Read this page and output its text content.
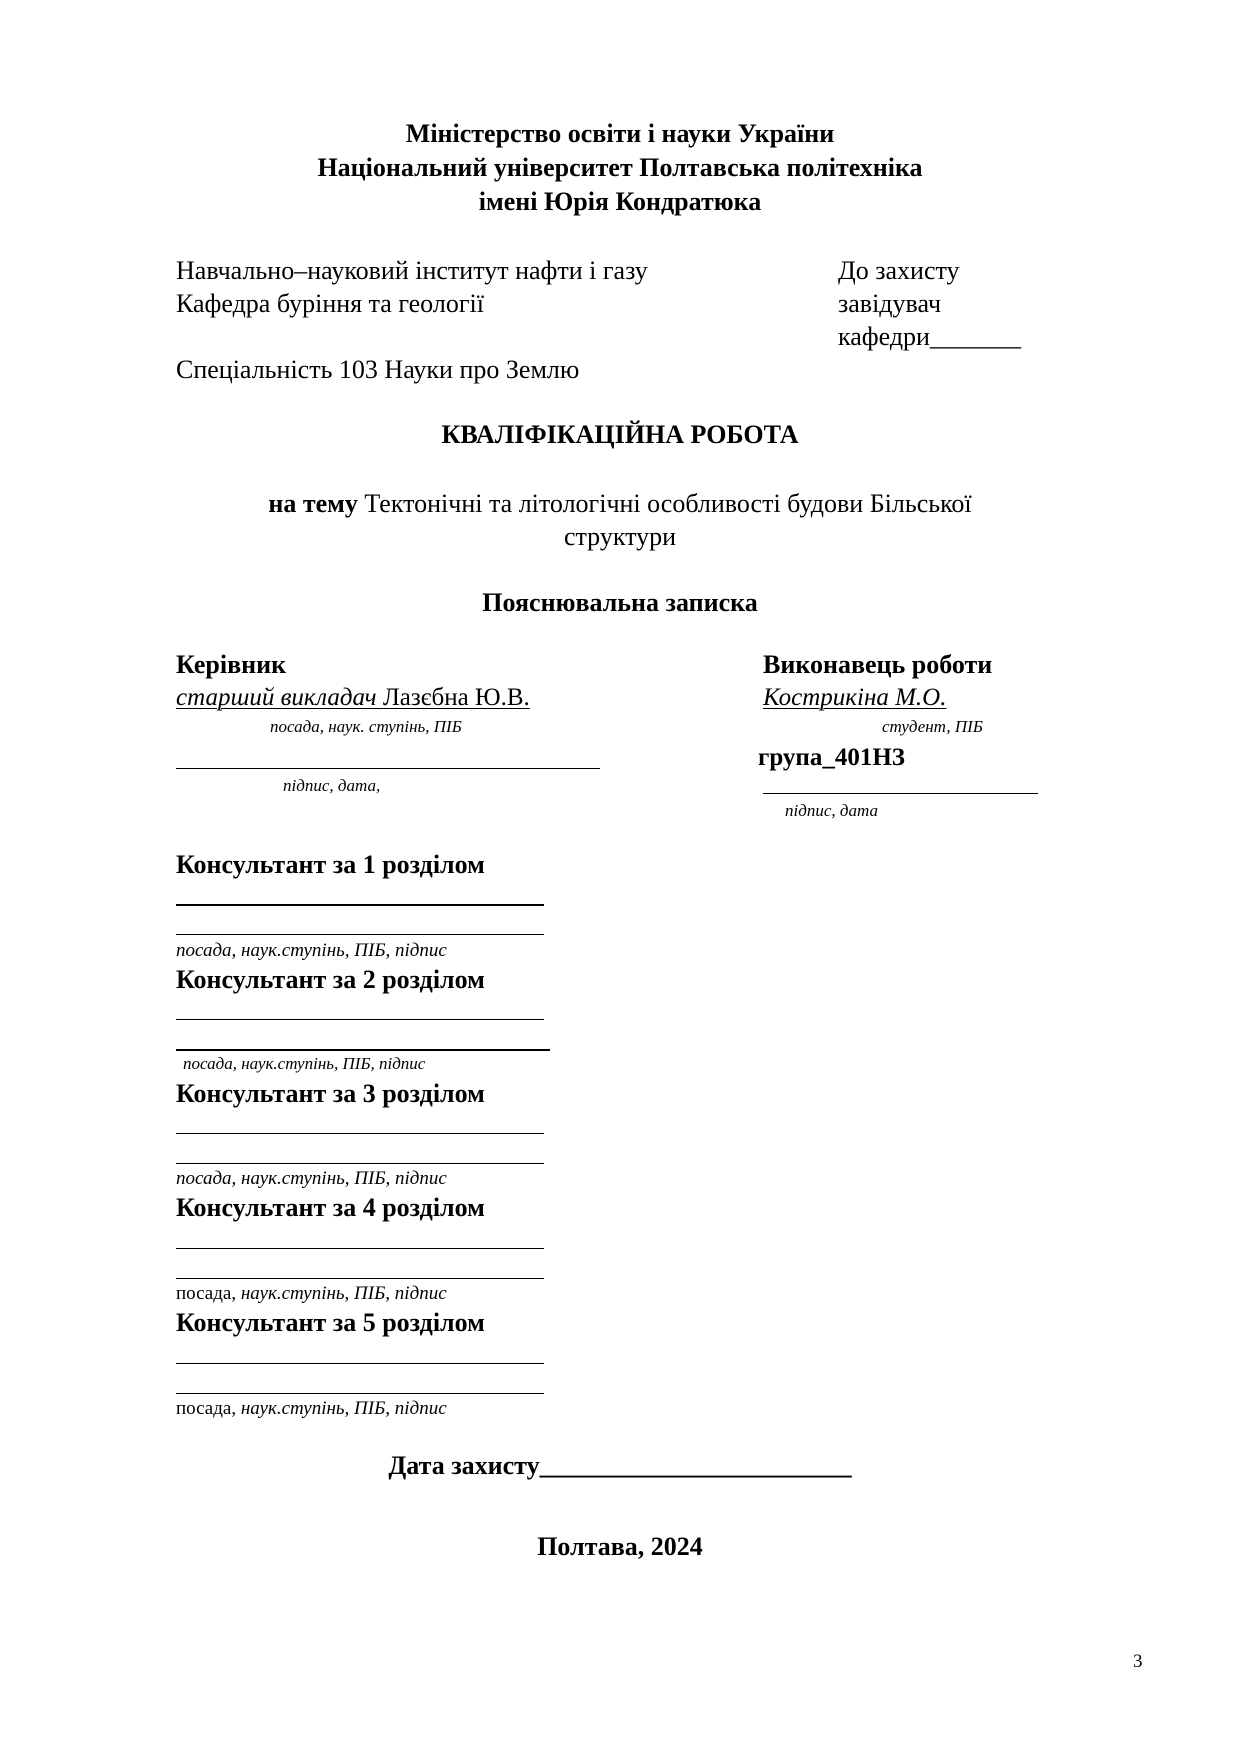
Міністерство освіти і науки України
Національний університет Полтавська політехніка
імені Юрія Кондратюка
Навчально–науковий інститут нафти і газу
Кафедра буріння та геології
Спеціальність 103 Науки про Землю
До захисту
завідувач
кафедри_______
КВАЛІФІКАЦІЙНА РОБОТА
на тему Тектонічні та літологічні особливості будови Більської
структури
Пояснювальна записка
Керівник
старший викладач Лазєбна Ю.В.
посада, наук. ступінь, ПІБ
підпис, дата,
Виконавець роботи
Кострикіна М.О.
студент, ПІБ
група_401НЗ
підпис, дата
Консультант за 1 розділом
посада, наук.ступінь, ПІБ, підпис
Консультант за 2 розділом
посада, наук.ступінь, ПІБ, підпис
Консультант за 3 розділом
посада, наук.ступінь, ПІБ, підпис
Консультант за 4 розділом
посада, наук.ступінь, ПІБ, підпис
Консультант за 5 розділом
посада, наук.ступінь, ПІБ, підпис
Дата захисту________________________
Полтава, 2024
3
